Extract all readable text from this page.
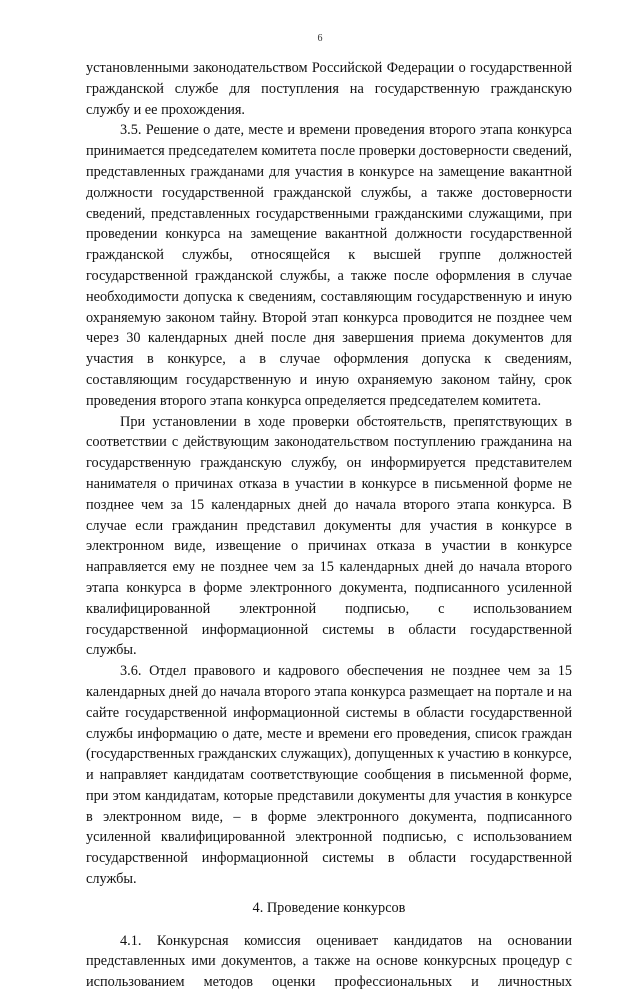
6

установленными законодательством Российской Федерации о государственной гражданской службе для поступления на государственную гражданскую службу и ее прохождения.

3.5. Решение о дате, месте и времени проведения второго этапа конкурса принимается председателем комитета после проверки достоверности сведений, представленных гражданами для участия в конкурсе на замещение вакантной должности государственной гражданской службы, а также достоверности сведений, представленных государственными гражданскими служащими, при проведении конкурса на замещение вакантной должности государственной гражданской службы, относящейся к высшей группе должностей государственной гражданской службы, а также после оформления в случае необходимости допуска к сведениям, составляющим государственную и иную охраняемую законом тайну. Второй этап конкурса проводится не позднее чем через 30 календарных дней после дня завершения приема документов для участия в конкурсе, а в случае оформления допуска к сведениям, составляющим государственную и иную охраняемую законом тайну, срок проведения второго этапа конкурса определяется председателем комитета.

При установлении в ходе проверки обстоятельств, препятствующих в соответствии с действующим законодательством поступлению гражданина на государственную гражданскую службу, он информируется представителем нанимателя о причинах отказа в участии в конкурсе в письменной форме не позднее чем за 15 календарных дней до начала второго этапа конкурса. В случае если гражданин представил документы для участия в конкурсе в электронном виде, извещение о причинах отказа в участии в конкурсе направляется ему не позднее чем за 15 календарных дней до начала второго этапа конкурса в форме электронного документа, подписанного усиленной квалифицированной электронной подписью, с использованием государственной информационной системы в области государственной службы.

3.6. Отдел правового и кадрового обеспечения не позднее чем за 15 календарных дней до начала второго этапа конкурса размещает на портале и на сайте государственной информационной системы в области государственной службы информацию о дате, месте и времени его проведения, список граждан (государственных гражданских служащих), допущенных к участию в конкурсе, и направляет кандидатам соответствующие сообщения в письменной форме, при этом кандидатам, которые представили документы для участия в конкурсе в электронном виде, – в форме электронного документа, подписанного усиленной квалифицированной электронной подписью, с использованием государственной информационной системы в области государственной службы.

4. Проведение конкурсов

4.1. Конкурсная комиссия оценивает кандидатов на основании представленных ими документов, а также на основе конкурсных процедур с использованием методов оценки профессиональных и личностных
